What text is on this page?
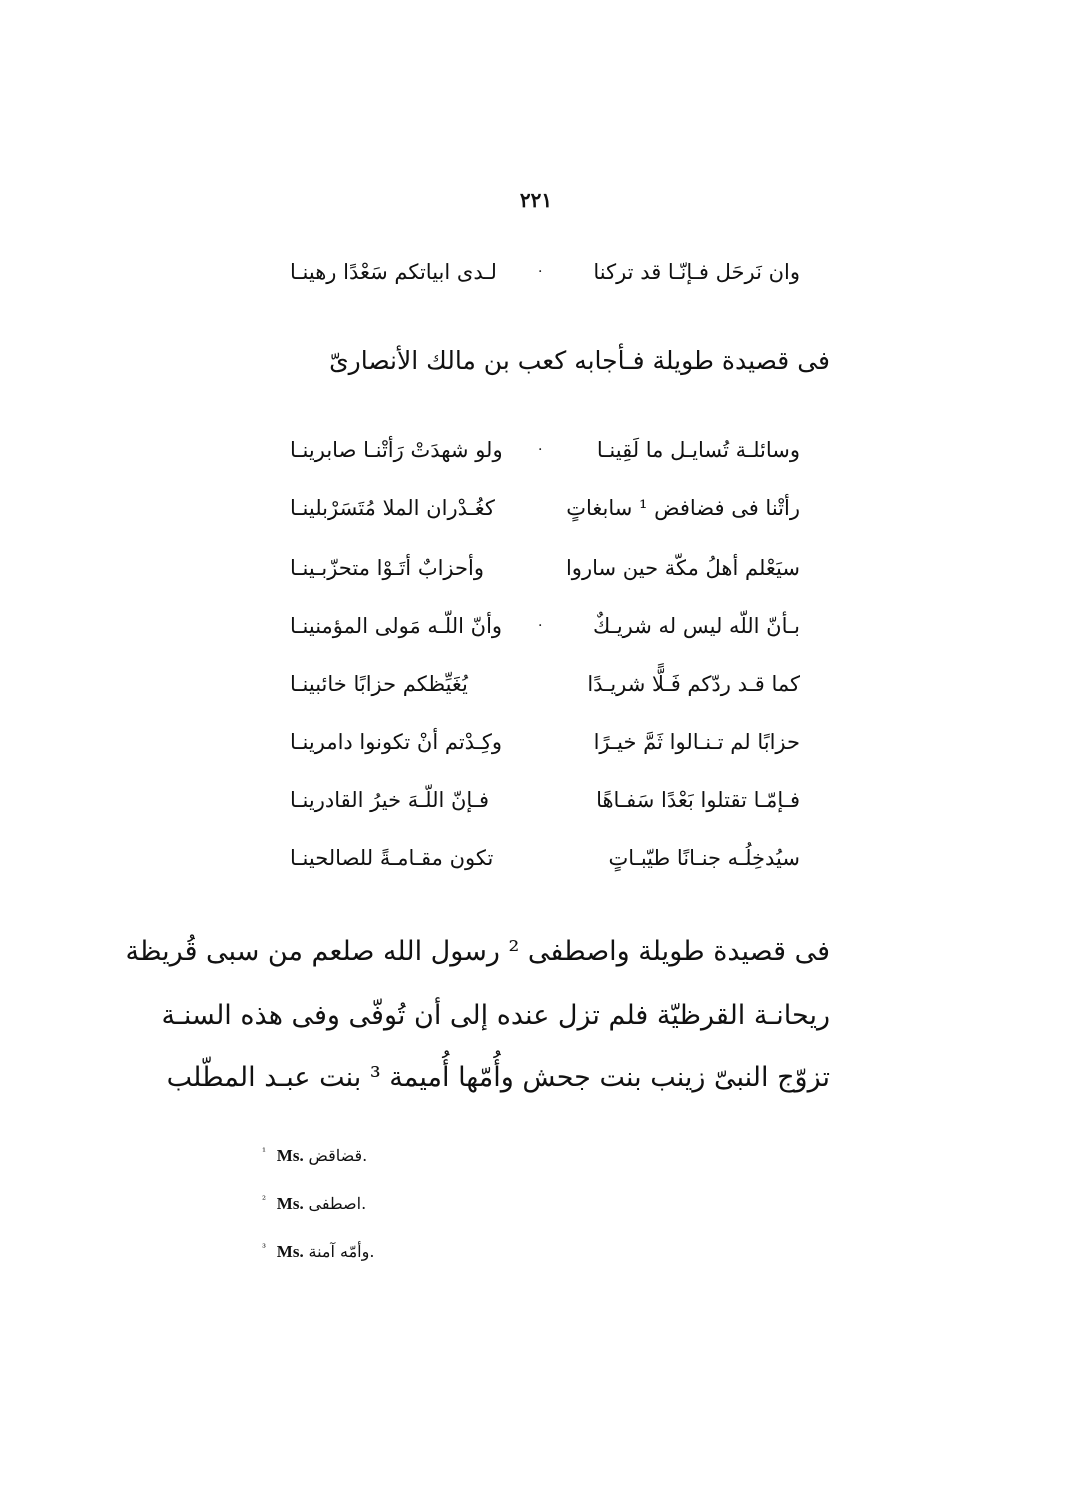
٢٢١
وان نَرحَل فـإنّـا قد تركنا
·
لـدى ابياتكم سَعْدًا رهينـا
فى قصيدة طويلة فـأجابه كعب بن مالك الأنصارىّ
وسائلـة تُسايـل ما لَقِينـا
·
ولو شهدَتْ رَأتْنـا صابرينـا
رأتْنا فى فضافض ¹ سابغاتٍ
كغُـدْران الملا مُتَسَرْبلينـا
سيَعْلم أهلُ مكّة حين ساروا
وأحزابٌ أتَـوْا متحزّبـينـا
بـأنّ اللّه ليس له شريـكٌ
·
وأنّ اللّـه مَولى المؤمنينـا
كما قـد ردّكم فَـلًّا شريـدًا
يُغَيِّظكم حزابًا خائبينـا
حزابًا لم تـنـالوا ثَمَّ خيـرًا
وكِـدْتم أنْ تكونوا دامرينـا
فـإمّـا تقتلوا بَعْدًا سَفـاهًا
فـإنّ اللّـهَ خيرُ القادرينـا
سيُدخِلُـه جنـانًا طيّبـاتٍ
تكون مقـامـةً للصالحينـا
فى قصيدة طويلة واصطفى ² رسول الله صلعم من سبى قُريظة
ريحانـة القرظيّة فلم تزل عنده إلى أن تُوفّى وفى هذه السنـة
تزوّج النبىّ زينب بنت جحش وأُمّها أُميمة ³ بنت عبـد المطّلب
$^{^1}$ Ms. قضاقض.
$^{^2}$ Ms. اصطفى.
$^{^3}$ Ms. وأمّه آمنة.
